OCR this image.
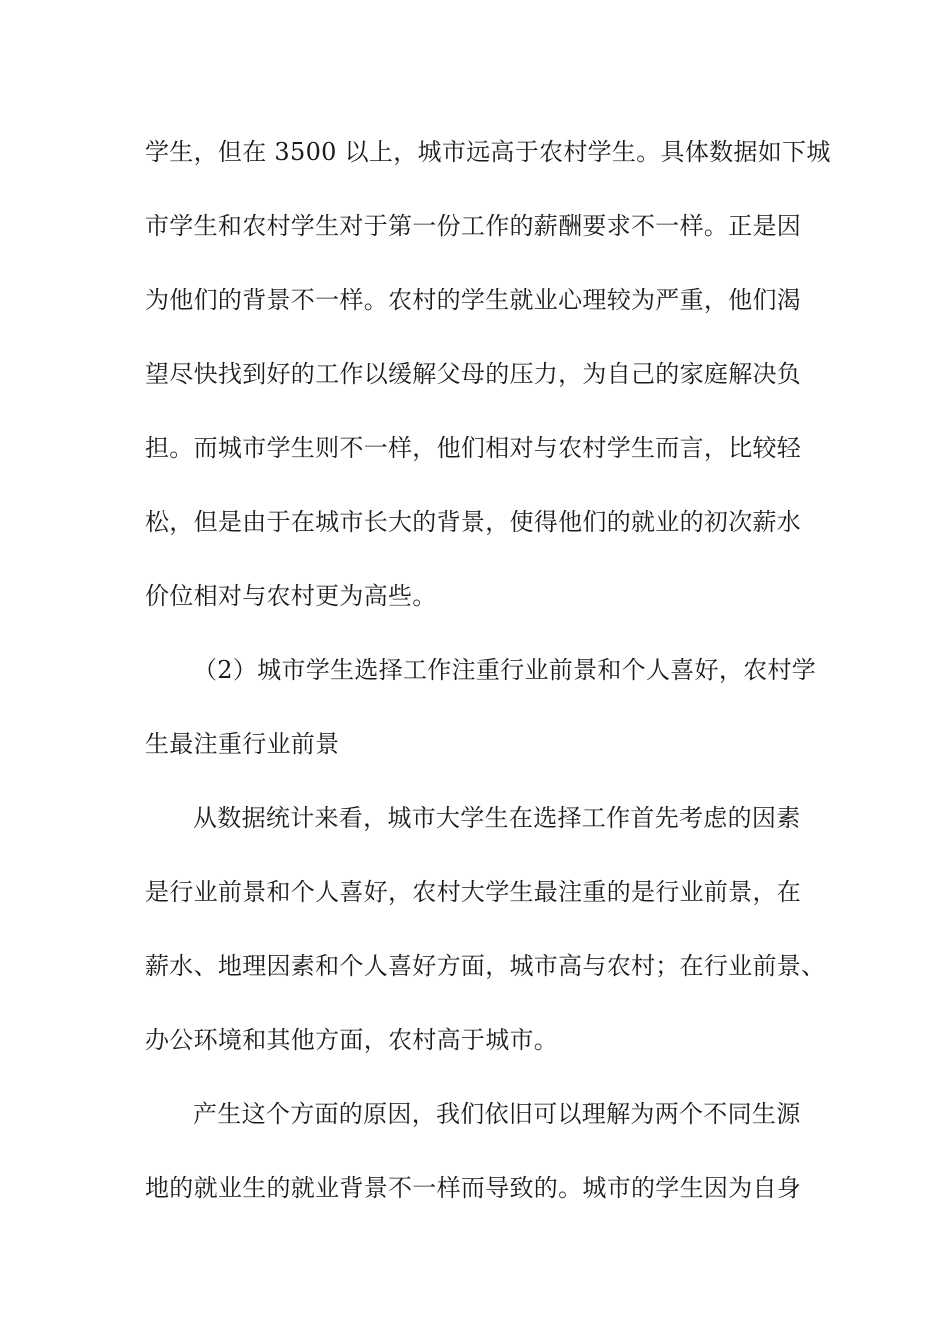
学生，但在 3500 以上，城市远高于农村学生。具体数据如下城
市学生和农村学生对于第一份工作的薪酬要求不一样。正是因
为他们的背景不一样。农村的学生就业心理较为严重，他们渴
望尽快找到好的工作以缓解父母的压力，为自己的家庭解决负
担。而城市学生则不一样，他们相对与农村学生而言，比较轻
松，但是由于在城市长大的背景，使得他们的就业的初次薪水
价位相对与农村更为高些。
（2）城市学生选择工作注重行业前景和个人喜好，农村学
生最注重行业前景
从数据统计来看，城市大学生在选择工作首先考虑的因素
是行业前景和个人喜好，农村大学生最注重的是行业前景，在
薪水、地理因素和个人喜好方面，城市高与农村；在行业前景、
办公环境和其他方面，农村高于城市。
产生这个方面的原因，我们依旧可以理解为两个不同生源
地的就业生的就业背景不一样而导致的。城市的学生因为自身
